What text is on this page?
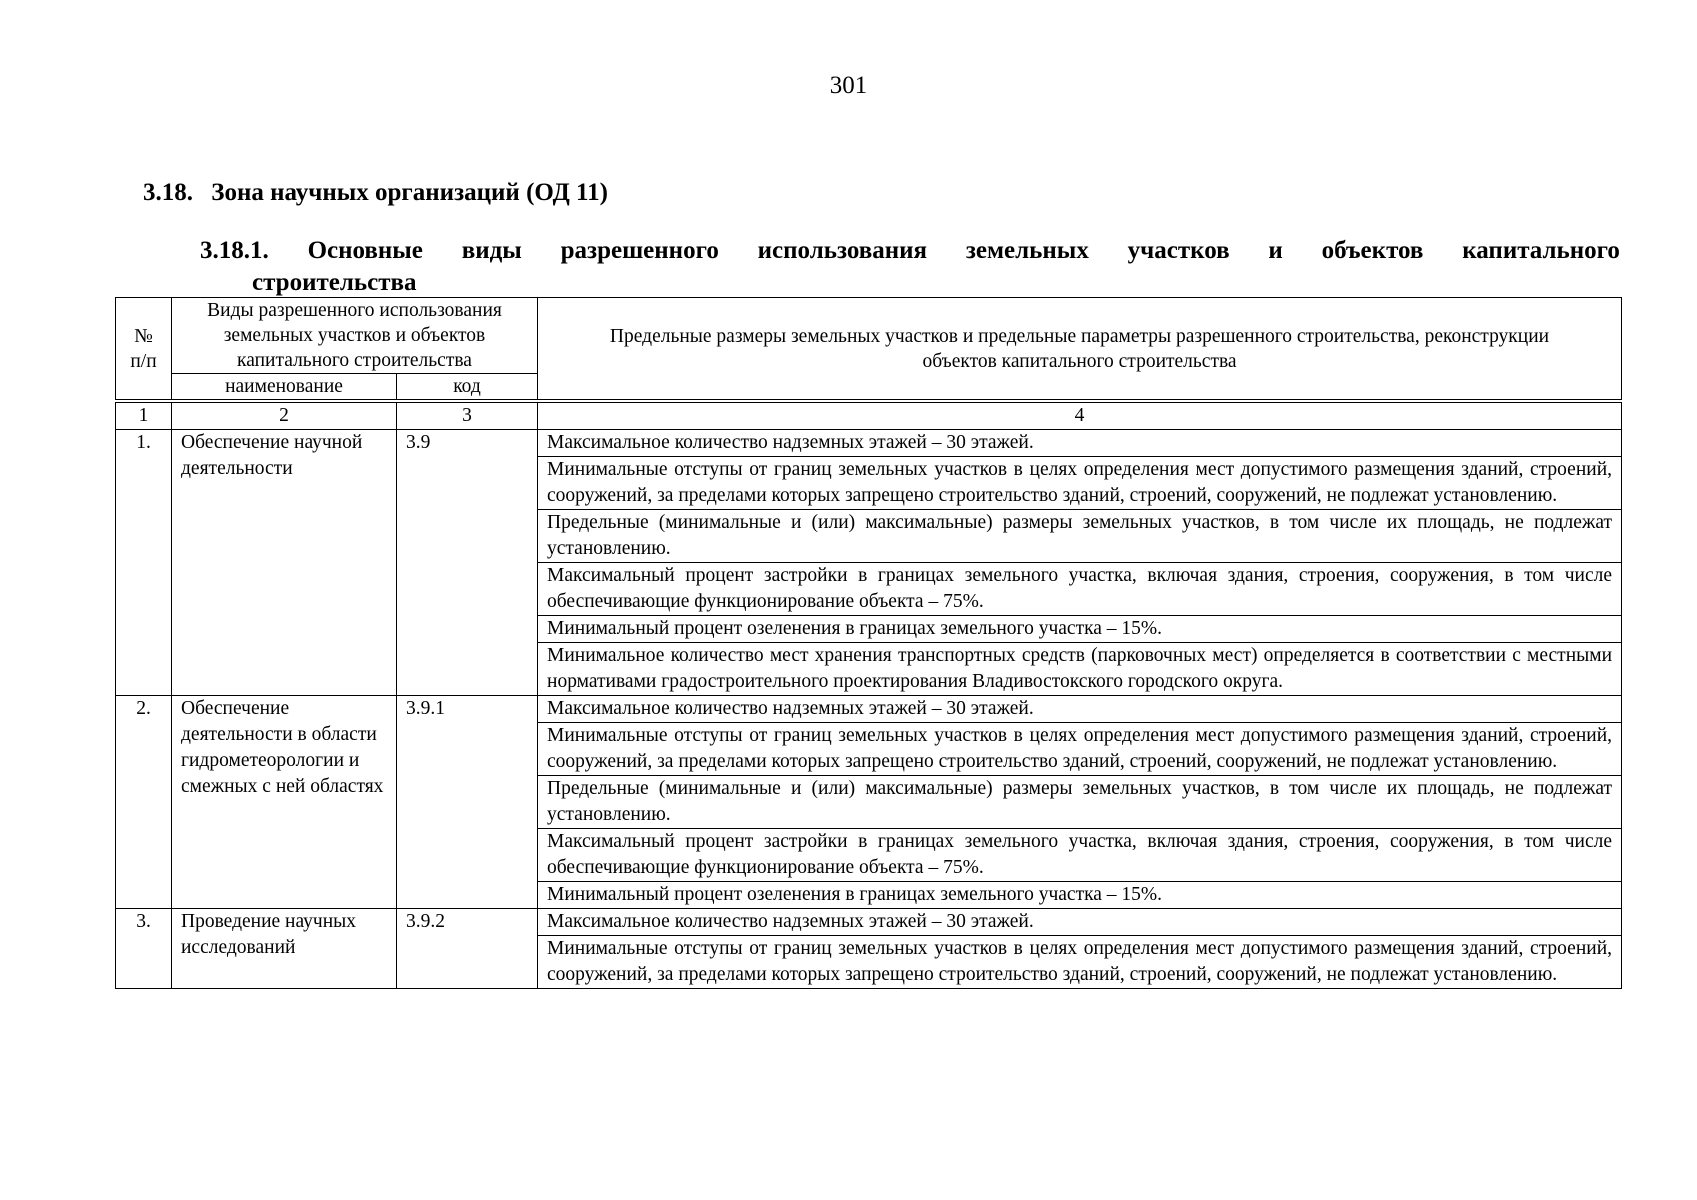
301
3.18. Зона научных организаций (ОД 11)
3.18.1. Основные виды разрешенного использования земельных участков и объектов капитального
строительства
№ п/п	Виды разрешенного использования земельных участков и объектов капитального строительства		Предельные размеры земельных участков и предельные параметры разрешенного строительства, реконструкции объектов капитального строительства
	наименование	код	
1	2	3	4
1.	Обеспечение научной деятельности	3.9	Максимальное количество надземных этажей – 30 этажей.
			Минимальные отступы от границ земельных участков в целях определения мест допустимого размещения зданий, строений, сооружений, за пределами которых запрещено строительство зданий, строений, сооружений, не подлежат установлению.
			Предельные (минимальные и (или) максимальные) размеры земельных участков, в том числе их площадь, не подлежат установлению.
			Максимальный процент застройки в границах земельного участка, включая здания, строения, сооружения, в том числе обеспечивающие функционирование объекта – 75%.
			Минимальный процент озеленения в границах земельного участка – 15%.
			Минимальное количество мест хранения транспортных средств (парковочных мест) определяется в соответствии с местными нормативами градостроительного проектирования Владивостокского городского округа.
2.	Обеспечение деятельности в области гидрометеорологии и смежных с ней областях	3.9.1	Максимальное количество надземных этажей – 30 этажей.
			Минимальные отступы от границ земельных участков в целях определения мест допустимого размещения зданий, строений, сооружений, за пределами которых запрещено строительство зданий, строений, сооружений, не подлежат установлению.
			Предельные (минимальные и (или) максимальные) размеры земельных участков, в том числе их площадь, не подлежат установлению.
			Максимальный процент застройки в границах земельного участка, включая здания, строения, сооружения, в том числе обеспечивающие функционирование объекта – 75%.
			Минимальный процент озеленения в границах земельного участка – 15%.
3.	Проведение научных исследований	3.9.2	Максимальное количество надземных этажей – 30 этажей.
			Минимальные отступы от границ земельных участков в целях определения мест допустимого размещения зданий, строений, сооружений, за пределами которых запрещено строительство зданий, строений, сооружений, не подлежат установлению.
